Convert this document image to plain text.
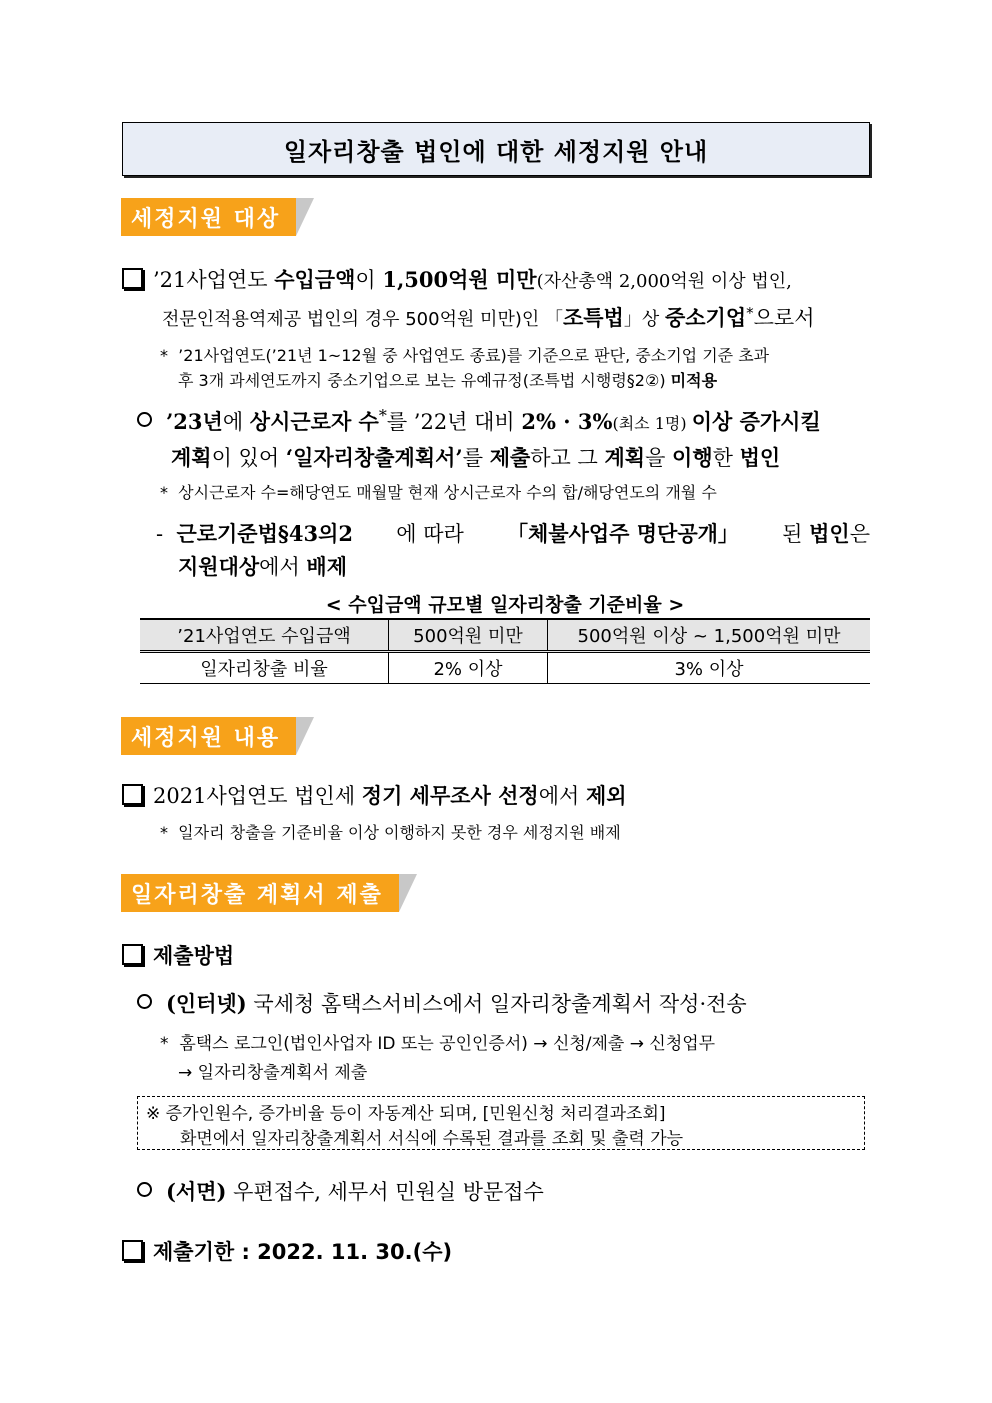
일자리창출 법인에 대한 세정지원 안내
세정지원 대상
’21사업연도 수입금액이 1,500억원 미만(자산총액 2,000억원 이상 법인,
전문인적용역제공 법인의 경우 500억원 미만)인 「조특법」상 중소기업*으로서
*  ’21사업연도(’21년 1~12월 중 사업연도 종료)를 기준으로 판단, 중소기업 기준 초과
후 3개 과세연도까지 중소기업으로 보는 유예규정(조특법 시행령§2②) 미적용
’23년에 상시근로자 수*를 ’22년 대비 2% · 3%(최소 1명) 이상 증가시킬
계획이 있어 ‘일자리창출계획서’를 제출하고 그 계획을 이행한 법인
*  상시근로자 수=해당연도 매월말 현재 상시근로자 수의 합/해당연도의 개월 수
-  근로기준법§43의2 에 따라 「체불사업주 명단공개」 된 법인은
지원대상에서 배제
< 수입금액 규모별 일자리창출 기준비율 >
’21사업연도 수입금액	500억원 미만	500억원 이상 ~ 1,500억원 미만
일자리창출 비율	2% 이상	3% 이상
세정지원 내용
2021사업연도 법인세 정기 세무조사 선정에서 제외
*  일자리 창출을 기준비율 이상 이행하지 못한 경우 세정지원 배제
일자리창출 계획서 제출
제출방법
(인터넷) 국세청 홈택스서비스에서 일자리창출계획서 작성·전송
*  홈택스 로그인(법인사업자 ID 또는 공인인증서) → 신청/제출 → 신청업무
→ 일자리창출계획서 제출
※ 증가인원수, 증가비율 등이 자동계산 되며, [민원신청 처리결과조회]
화면에서 일자리창출계획서 서식에 수록된 결과를 조회 및 출력 가능
(서면) 우편접수, 세무서 민원실 방문접수
제출기한 : 2022. 11. 30.(수)
